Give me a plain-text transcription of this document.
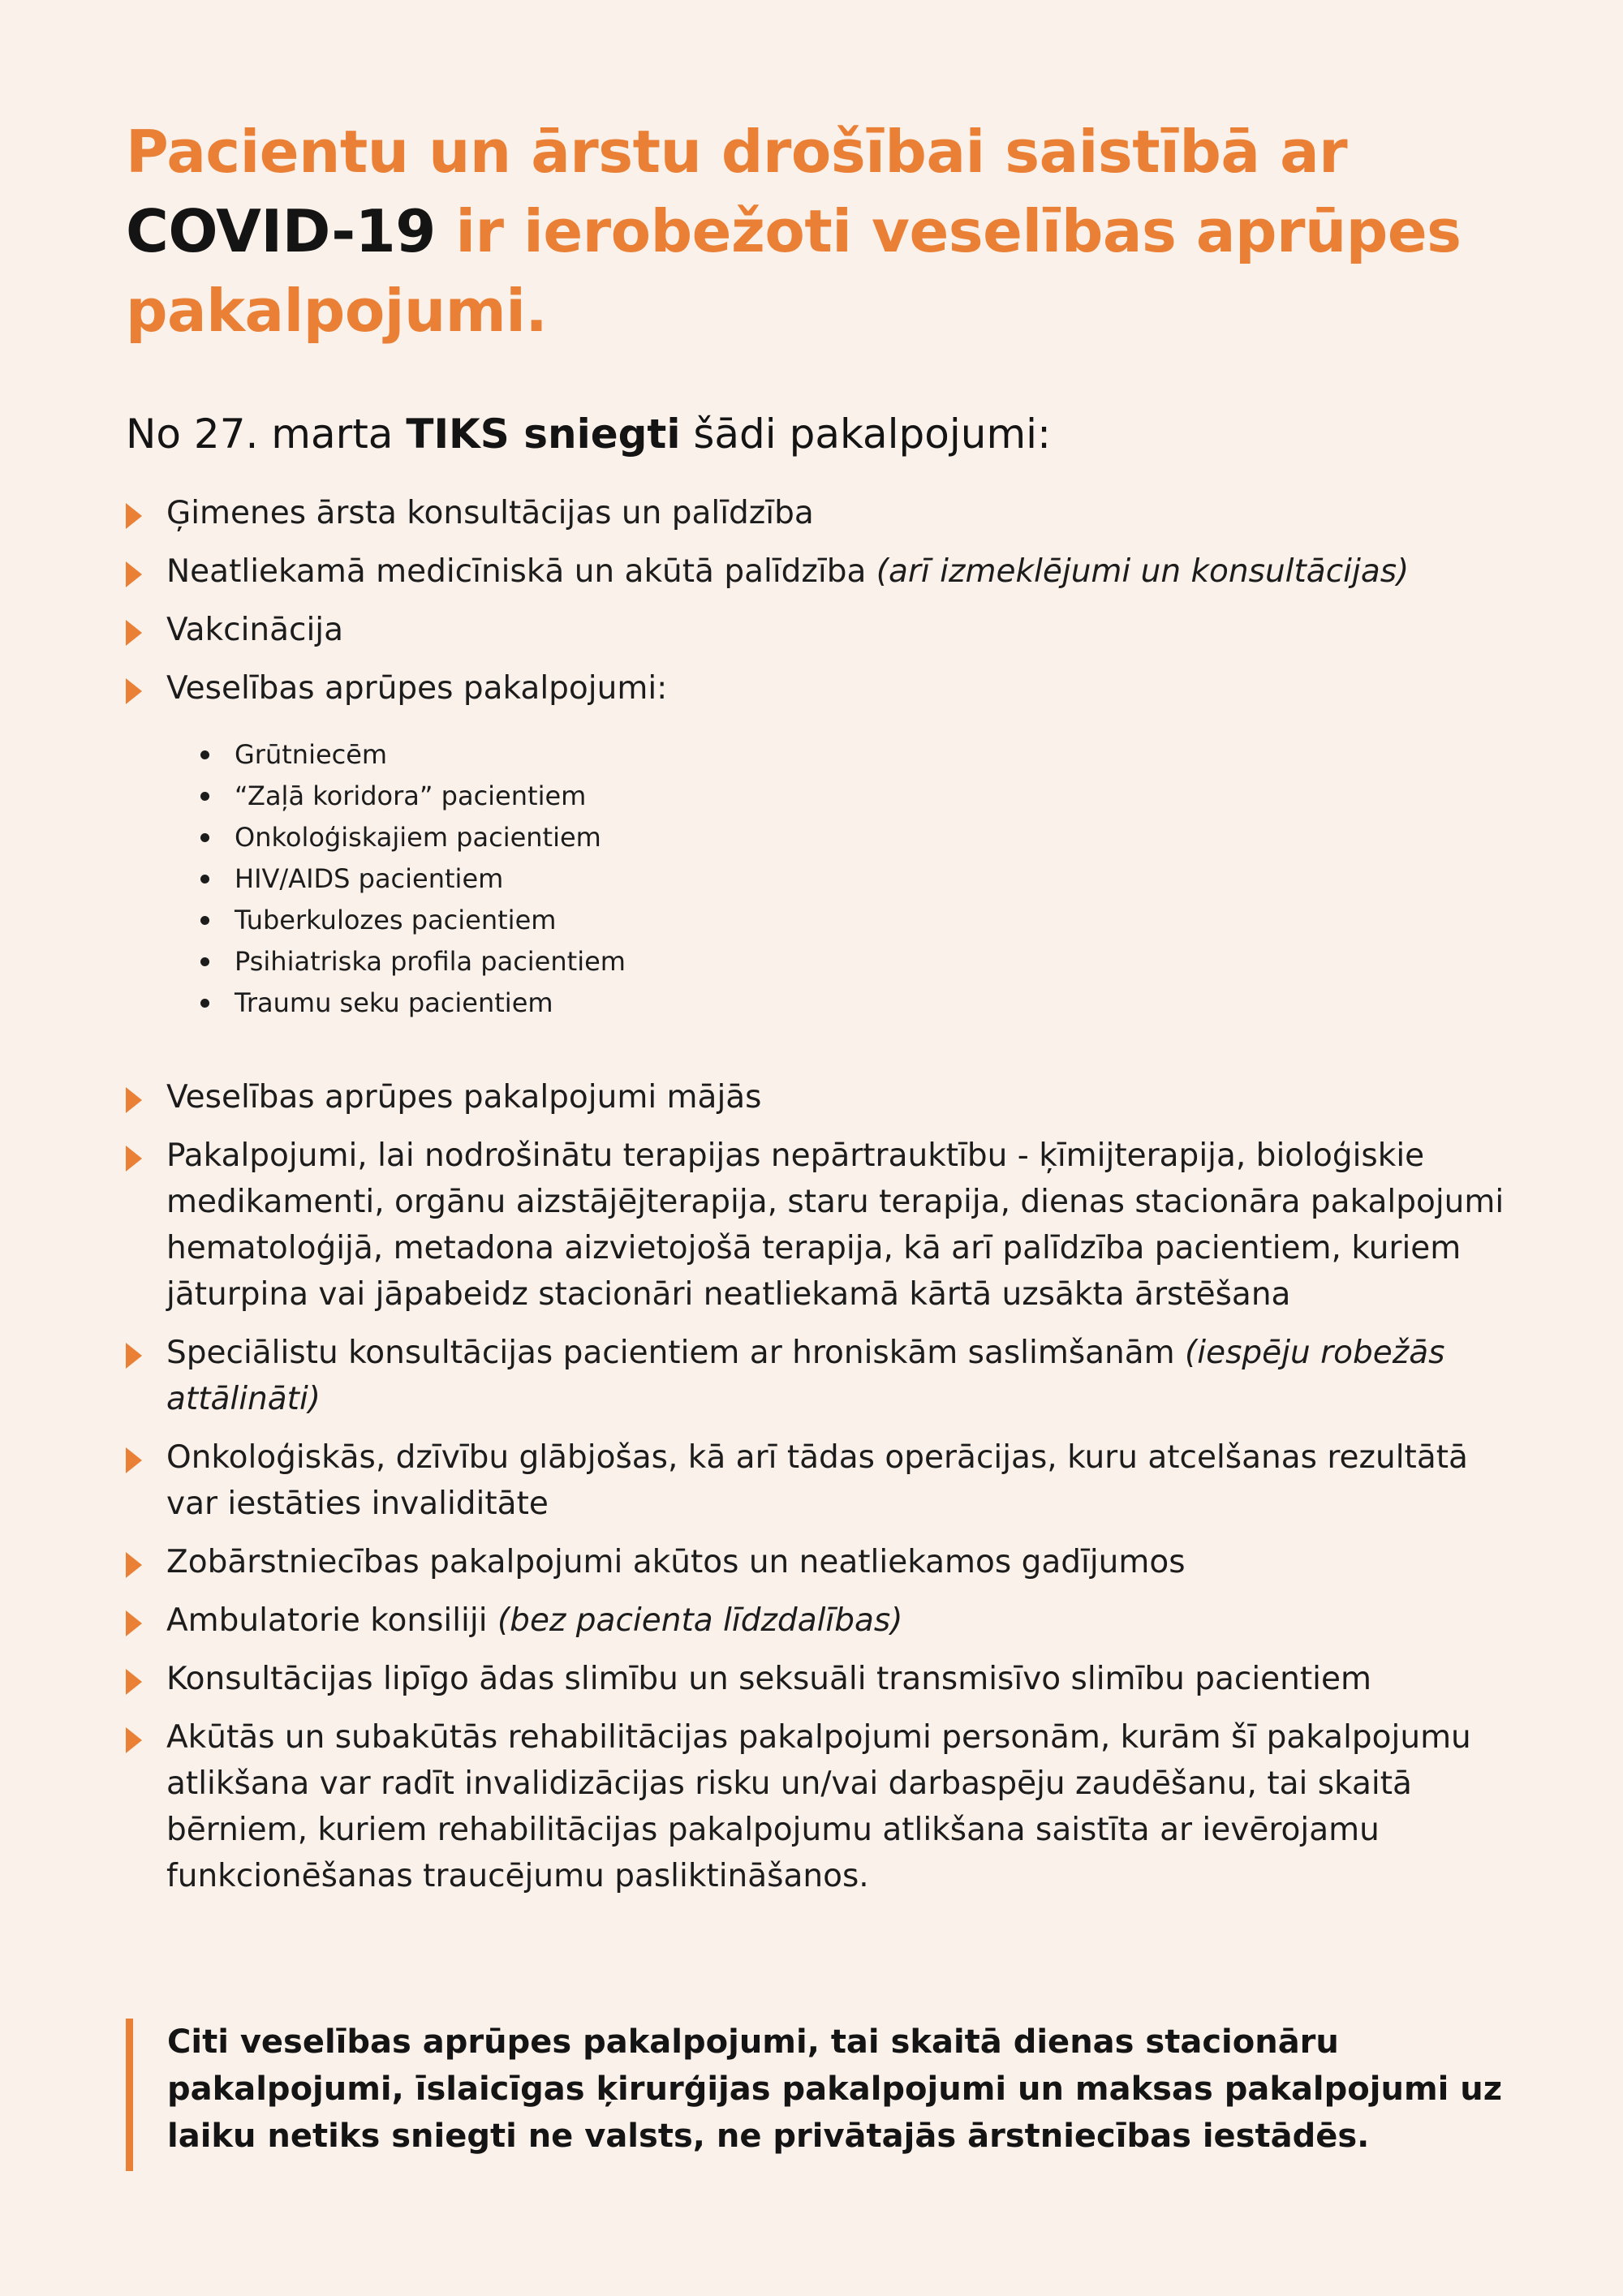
Pacientu un ārstu drošībai saistībā ar COVID-19 ir ierobežoti veselības aprūpes pakalpojumi.
No 27. marta TIKS sniegti šādi pakalpojumi:
Ģimenes ārsta konsultācijas un palīdzība
Neatliekamā medicīniskā un akūtā palīdzība (arī izmeklējumi un konsultācijas)
Vakcinācija
Veselības aprūpes pakalpojumi:
Grūtniecēm
“Zaļā koridora” pacientiem
Onkoloģiskajiem pacientiem
HIV/AIDS pacientiem
Tuberkulozes pacientiem
Psihiatriska profila pacientiem
Traumu seku pacientiem
Veselības aprūpes pakalpojumi mājās
Pakalpojumi, lai nodrošinātu terapijas nepārtrauktību - ķīmijterapija, bioloģiskie medikamenti, orgānu aizstājējterapija, staru terapija, dienas stacionāra pakalpojumi hematoloģijā, metadona aizvietojošā terapija, kā arī palīdzība pacientiem, kuriem jāturpina vai jāpabeidz stacionāri neatliekamā kārtā uzsākta ārstēšana
Speciālistu konsultācijas pacientiem ar hroniskām saslimšanām (iespēju robežās attālināti)
Onkoloģiskās, dzīvību glābjošas, kā arī tādas operācijas, kuru atcelšanas rezultātā var iestāties invaliditāte
Zobārstniecības pakalpojumi akūtos un neatliekamos gadījumos
Ambulatorie konsiliji (bez pacienta līdzdalības)
Konsultācijas lipīgo ādas slimību un seksuāli transmisīvo slimību pacientiem
Akūtās un subakūtās rehabilitācijas pakalpojumi personām, kurām šī pakalpojumu atlikšana var radīt invalidizācijas risku un/vai darbaspēju zaudēšanu, tai skaitā bērniem, kuriem rehabilitācijas pakalpojumu atlikšana saistīta ar ievērojamu funkcionēšanas traucējumu pasliktināšanos.
Citi veselības aprūpes pakalpojumi, tai skaitā dienas stacionāru pakalpojumi, īslaicīgas ķirurģijas pakalpojumi un maksas pakalpojumi uz laiku netiks sniegti ne valsts, ne privātajās ārstniecības iestādēs.
